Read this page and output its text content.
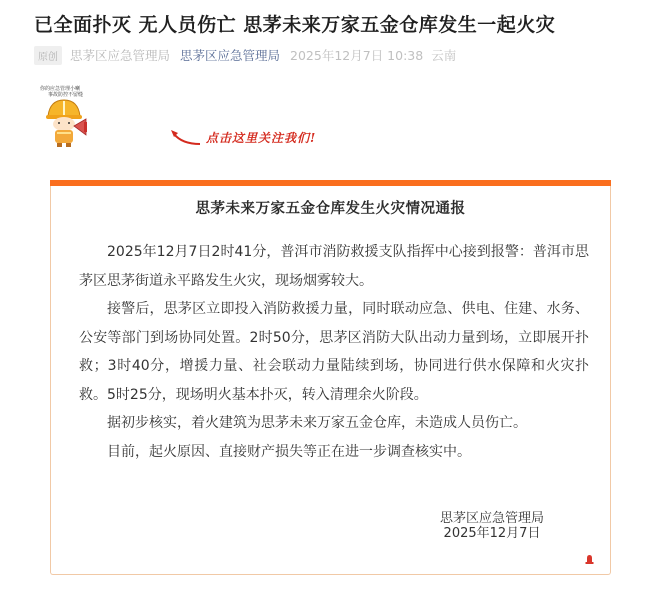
已全面扑灭 无人员伤亡 思茅未来万家五金仓库发生一起火灾
原创 思茅区应急管理局 思茅区应急管理局 2025年12月7日 10:38 云南
你的应急管理小喇
事故防控不留缝
点击这里关注我们!
思茅未来万家五金仓库发生火灾情况通报

2025年12月7日2时41分，普洱市消防救援支队指挥中心接到报警：普洱市思茅区思茅街道永平路发生火灾，现场烟雾较大。

接警后，思茅区立即投入消防救援力量，同时联动应急、供电、住建、水务、公安等部门到场协同处置。2时50分，思茅区消防大队出动力量到场，立即展开扑救；3时40分，增援力量、社会联动力量陆续到场，协同进行供水保障和火灾扑救。5时25分，现场明火基本扑灭，转入清理余火阶段。

据初步核实，着火建筑为思茅未来万家五金仓库，未造成人员伤亡。

目前，起火原因、直接财产损失等正在进一步调查核实中。

思茅区应急管理局
2025年12月7日
